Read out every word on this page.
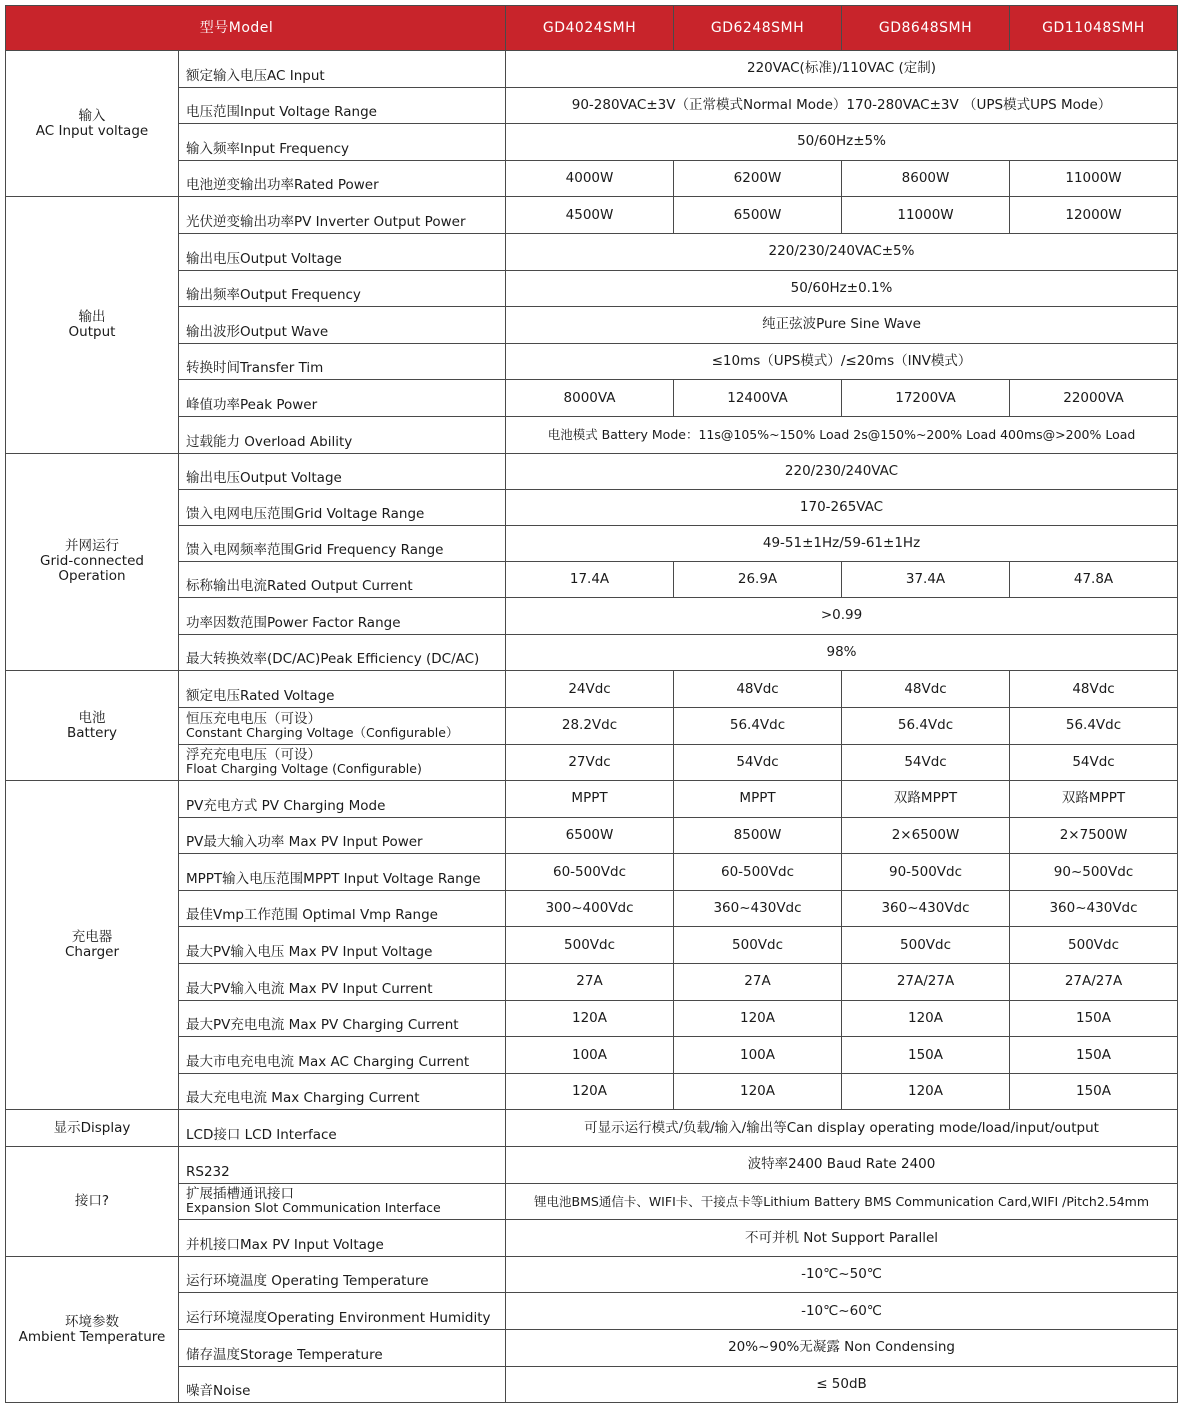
型号Model		GD4024SMH	GD6248SMH	GD8648SMH	GD11048SMH

输入
AC Input voltage	额定输入电压AC Input	220VAC(标准)/110VAC (定制)			
	电压范围Input Voltage Range	90-280VAC±3V（正常模式Normal Mode）170-280VAC±3V （UPS模式UPS Mode）			
	输入频率Input Frequency	50/60Hz±5%			
	电池逆变输出功率Rated Power	4000W	6200W	8600W	11000W

输出
Output	光伏逆变输出功率PV Inverter Output Power	4500W	6500W	11000W	12000W
	输出电压Output Voltage	220/230/240VAC±5%			
	输出频率Output Frequency	50/60Hz±0.1%			
	输出波形Output Wave	纯正弦波Pure Sine Wave			
	转换时间Transfer Tim	≤10ms（UPS模式）/≤20ms（INV模式）			
	峰值功率Peak Power	8000VA	12400VA	17200VA	22000VA
	过载能力 Overload Ability	电池模式 Battery Mode：11s@105%~150% Load 2s@150%~200% Load 400ms@>200% Load			

并网运行
Grid-connected
Operation	输出电压Output Voltage	220/230/240VAC			
	馈入电网电压范围Grid Voltage Range	170-265VAC			
	馈入电网频率范围Grid Frequency Range	49-51±1Hz/59-61±1Hz			
	标称输出电流Rated Output Current	17.4A	26.9A	37.4A	47.8A
	功率因数范围Power Factor Range	>0.99			
	最大转换效率(DC/AC)Peak Efficiency (DC/AC)	98%			

电池
Battery	额定电压Rated Voltage	24Vdc	48Vdc	48Vdc	48Vdc
	恒压充电电压（可设）
Constant Charging Voltage（Configurable）	28.2Vdc	56.4Vdc	56.4Vdc	56.4Vdc
	浮充充电电压（可设）
Float Charging Voltage (Configurable)	27Vdc	54Vdc	54Vdc	54Vdc

充电器
Charger	PV充电方式 PV Charging Mode	MPPT	MPPT	双路MPPT	双路MPPT
	PV最大输入功率 Max PV Input Power	6500W	8500W	2×6500W	2×7500W
	MPPT输入电压范围MPPT Input Voltage Range	60-500Vdc	60-500Vdc	90-500Vdc	90~500Vdc
	最佳Vmp工作范围 Optimal Vmp Range	300~400Vdc	360~430Vdc	360~430Vdc	360~430Vdc
	最大PV输入电压 Max PV Input Voltage	500Vdc	500Vdc	500Vdc	500Vdc
	最大PV输入电流 Max PV Input Current	27A	27A	27A/27A	27A/27A
	最大PV充电电流 Max PV Charging Current	120A	120A	120A	150A
	最大市电充电电流 Max AC Charging Current	100A	100A	150A	150A
	最大充电电流 Max Charging Current	120A	120A	120A	150A
显示Display	LCD接口 LCD Interface	可显示运行模式/负载/输入/输出等Can display operating mode/load/input/output			
接口?	RS232	波特率2400 Baud Rate 2400			
	扩展插槽通讯接口
Expansion Slot Communication Interface	锂电池BMS通信卡、WIFI卡、干接点卡等Lithium Battery BMS Communication Card,WIFI /Pitch2.54mm			
	并机接口Max PV Input Voltage	不可并机 Not Support Parallel			

环境参数
Ambient Temperature	运行环境温度 Operating Temperature	-10℃~50℃			
	运行环境湿度Operating Environment Humidity	-10℃~60℃			
	储存温度Storage Temperature	20%~90%无凝露 Non Condensing			
	噪音Noise	≤ 50dB			
